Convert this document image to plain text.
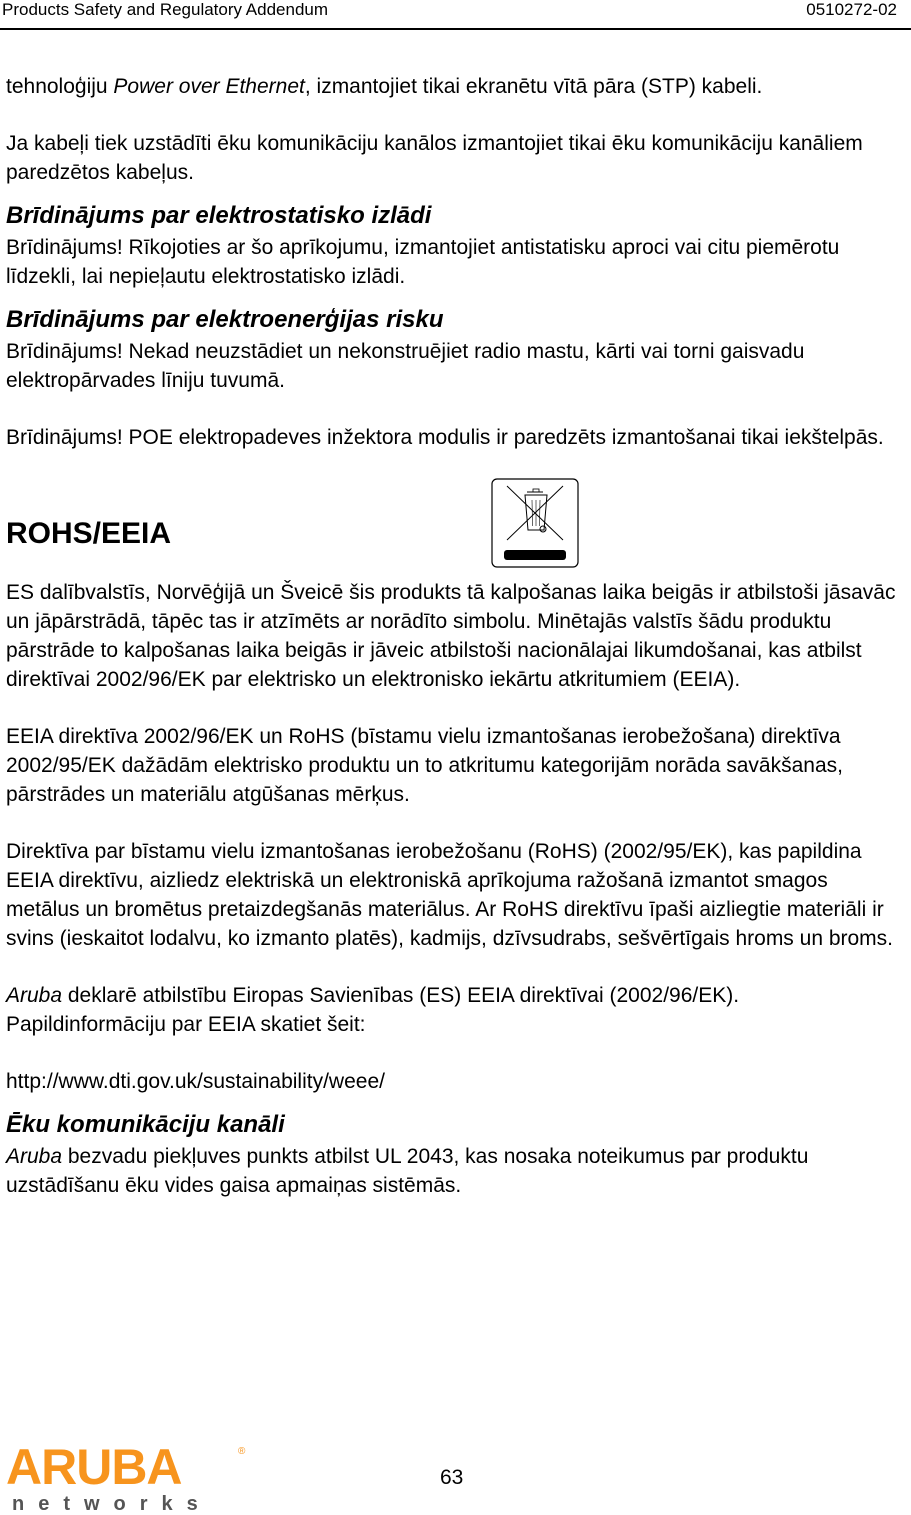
Products Safety and Regulatory Addendum	0510272-02

tehnoloģiju Power over Ethernet, izmantojiet tikai ekranētu vītā pāra (STP) kabeli.

Ja kabeļi tiek uzstādīti ēku komunikāciju kanālos izmantojiet tikai ēku komunikāciju kanāliem paredzētos kabeļus.

Brīdinājums par elektrostatisko izlādi

Brīdinājums! Rīkojoties ar šo aprīkojumu, izmantojiet antistatisku aproci vai citu piemērotu līdzekli, lai nepieļautu elektrostatisko izlādi.

Brīdinājums par elektroenerģijas risku

Brīdinājums! Nekad neuzstādiet un nekonstruējiet radio mastu, kārti vai torni gaisvadu elektropārvades līniju tuvumā.

Brīdinājums! POE elektropadeves inžektora modulis ir paredzēts izmantošanai tikai iekštelpās.

ROHS/EEIA

ES dalībvalstīs, Norvēģijā un Šveicē šis produkts tā kalpošanas laika beigās ir atbilstoši jāsavāc un jāpārstrādā, tāpēc tas ir atzīmēts ar norādīto simbolu. Minētajās valstīs šādu produktu pārstrāde to kalpošanas laika beigās ir jāveic atbilstoši nacionālajai likumdošanai, kas atbilst direktīvai 2002/96/EK par elektrisko un elektronisko iekārtu atkritumiem (EEIA).

EEIA direktīva 2002/96/EK un RoHS (bīstamu vielu izmantošanas ierobežošana) direktīva 2002/95/EK dažādām elektrisko produktu un to atkritumu kategorijām norāda savākšanas, pārstrādes un materiālu atgūšanas mērķus.

Direktīva par bīstamu vielu izmantošanas ierobežošanu (RoHS) (2002/95/EK), kas papildina EEIA direktīvu, aizliedz elektriskā un elektroniskā aprīkojuma ražošanā izmantot smagos metālus un bromētus pretaizdegšanās materiālus. Ar RoHS direktīvu īpaši aizliegtie materiāli ir svins (ieskaitot lodalvu, ko izmanto platēs), kadmijs, dzīvsudrabs, sešvērtīgais hroms un broms.

Aruba deklarē atbilstību Eiropas Savienības (ES) EEIA direktīvai (2002/96/EK). Papildinformāciju par EEIA skatiet šeit:

http://www.dti.gov.uk/sustainability/weee/

Ēku komunikāciju kanāli

Aruba bezvadu piekļuves punkts atbilst UL 2043, kas nosaka noteikumus par produktu uzstādīšanu ēku vides gaisa apmaiņas sistēmās.

ARUBA	®
networks
63
